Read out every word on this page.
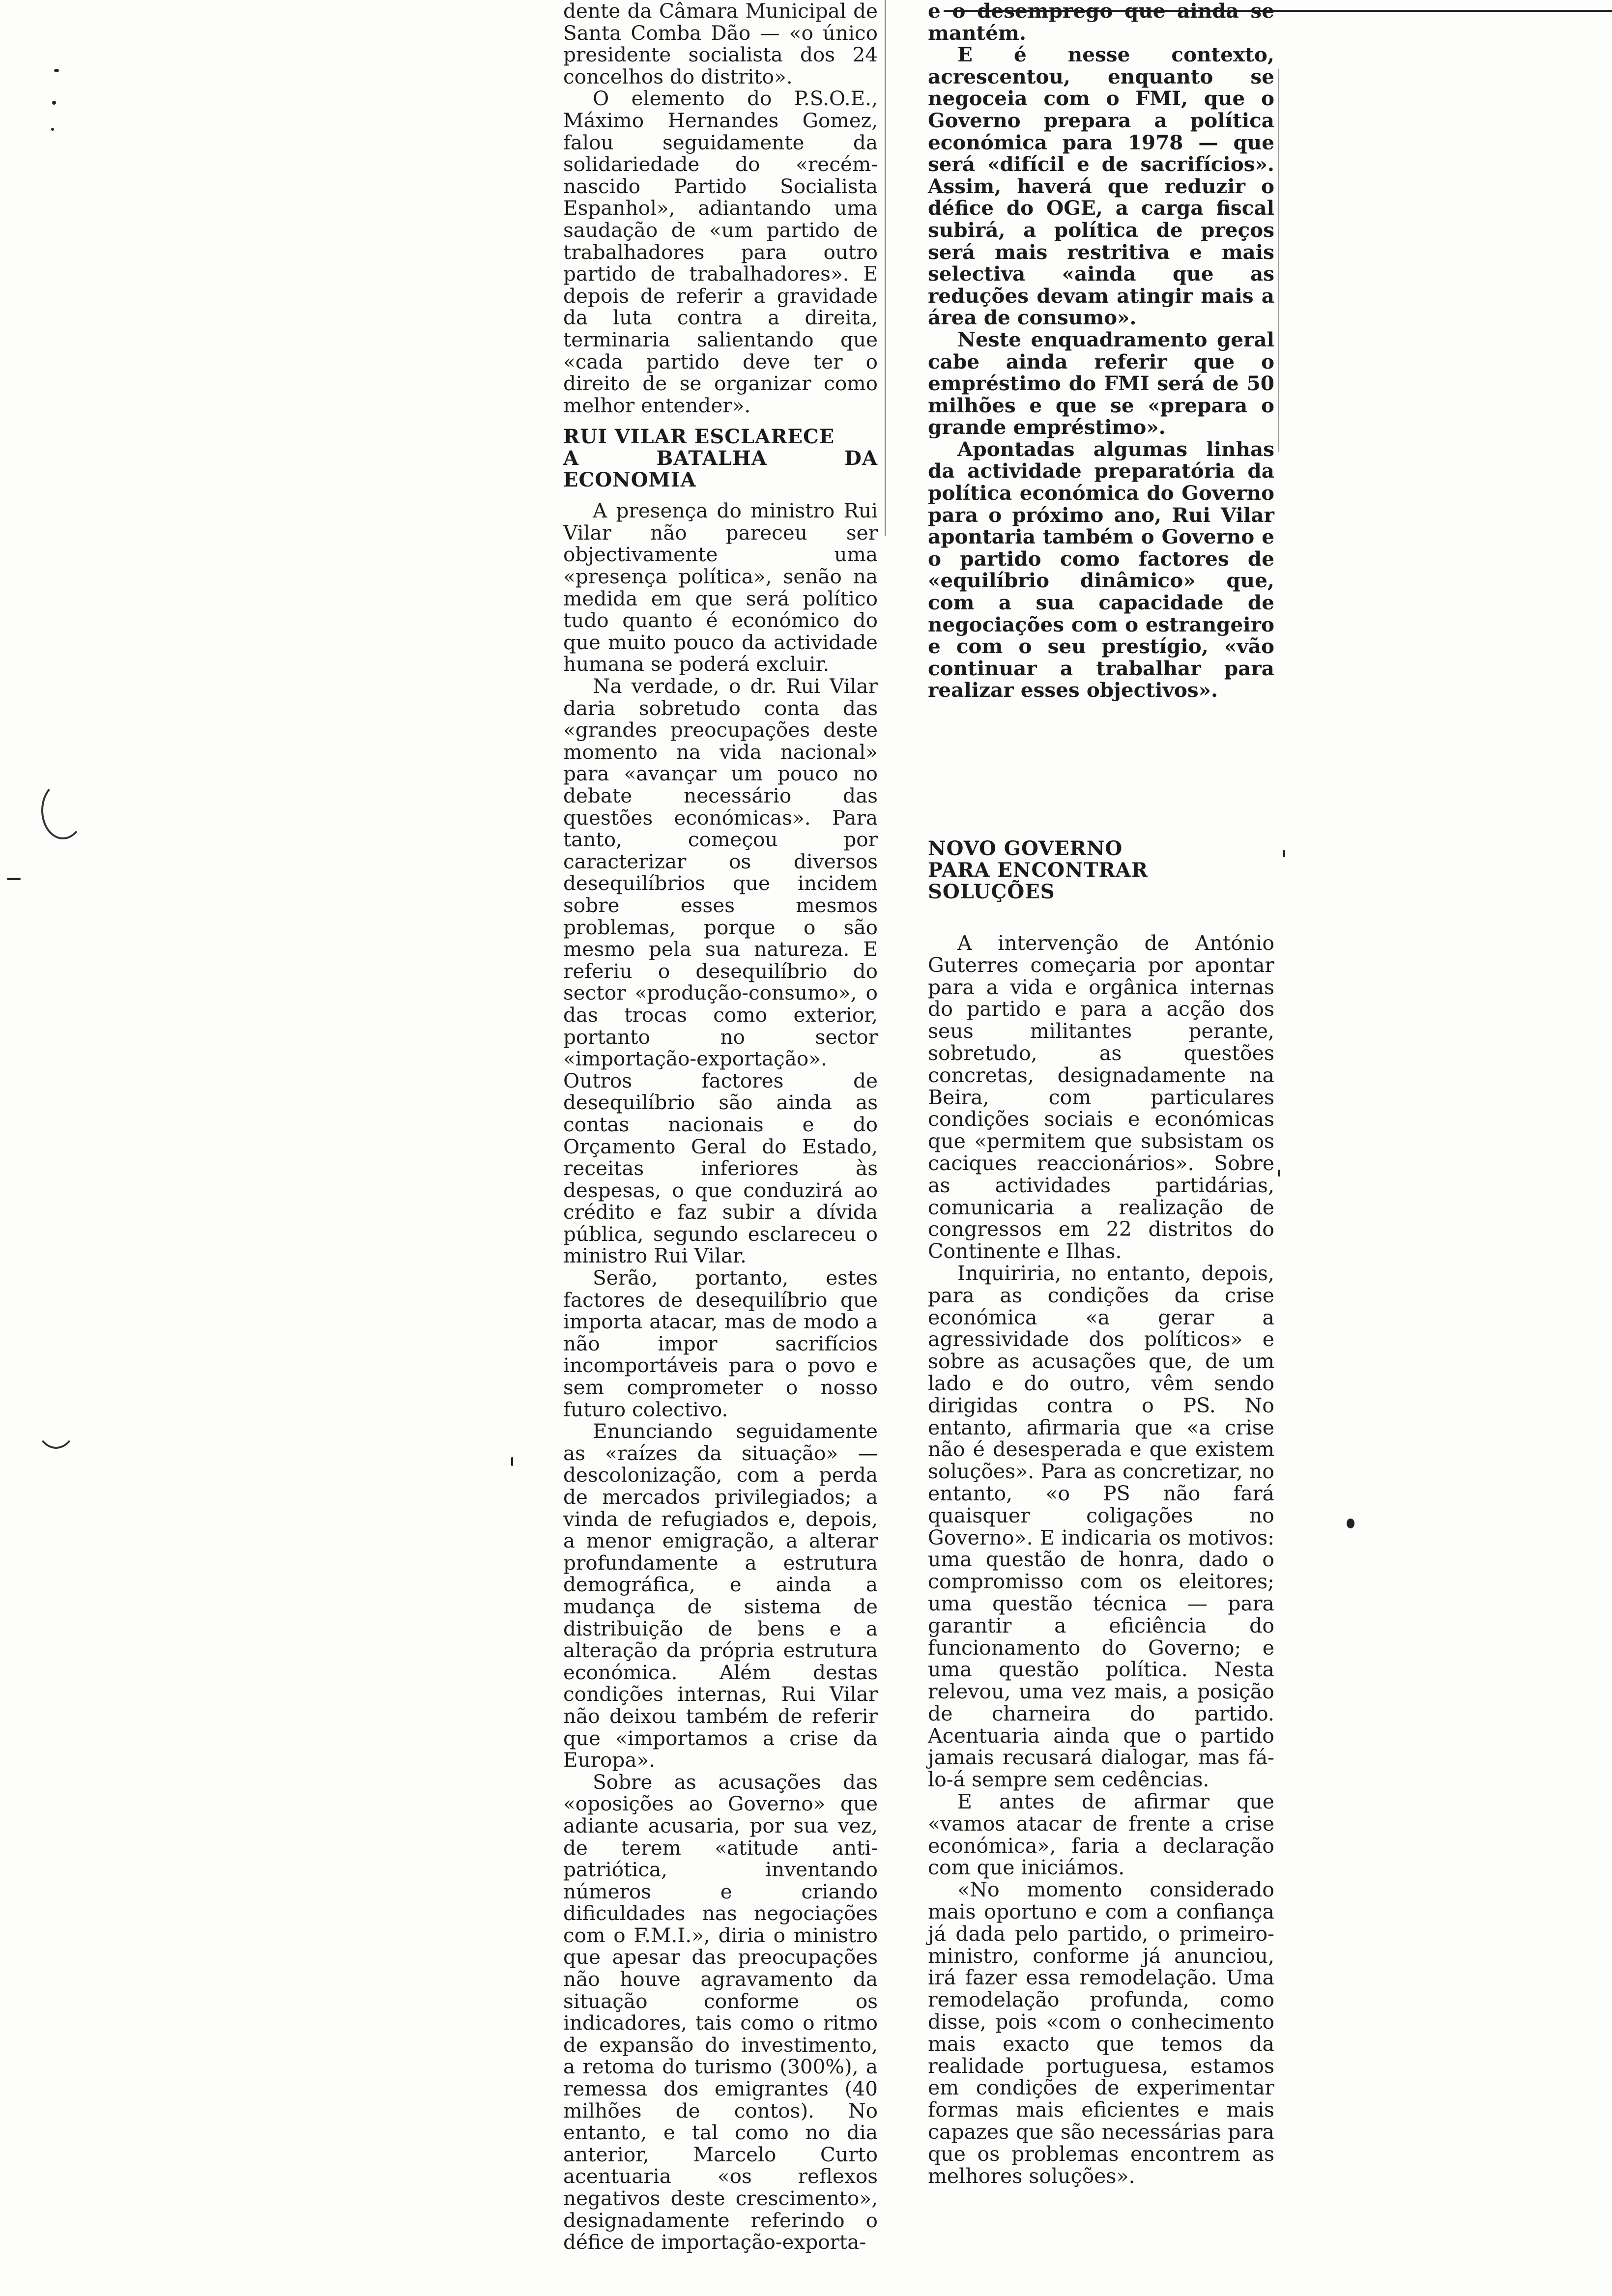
dente da Câmara Municipal de Santa Comba Dão — «o único presidente socialista dos 24 concelhos do distrito».

O elemento do P.S.O.E., Máximo Hernandes Gomez, falou seguidamente da solidariedade do «recém-nascido Partido Socialista Espanhol», adiantando uma saudação de «um partido de trabalhadores para outro partido de trabalhadores». E depois de referir a gravidade da luta contra a direita, terminaria salientando que «cada partido deve ter o direito de se organizar como melhor entender».

RUI VILAR ESCLARECE
A BATALHA DA ECONOMIA

A presença do ministro Rui Vilar não pareceu ser objectivamente uma «presença política», senão na medida em que será político tudo quanto é económico do que muito pouco da actividade humana se poderá excluir.

Na verdade, o dr. Rui Vilar daria sobretudo conta das «grandes preocupações deste momento na vida nacional» para «avançar um pouco no debate necessário das questões económicas». Para tanto, começou por caracterizar os diversos desequilíbrios que incidem sobre esses mesmos problemas, porque o são mesmo pela sua natureza. E referiu o desequilíbrio do sector «produção-consumo», o das trocas como exterior, portanto no sector «importação-exportação». Outros factores de desequilíbrio são ainda as contas nacionais e do Orçamento Geral do Estado, receitas inferiores às despesas, o que conduzirá ao crédito e faz subir a dívida pública, segundo esclareceu o ministro Rui Vilar.

Serão, portanto, estes factores de desequilíbrio que importa atacar, mas de modo a não impor sacrifícios incomportáveis para o povo e sem comprometer o nosso futuro colectivo.

Enunciando seguidamente as «raízes da situação» — descolonização, com a perda de mercados privilegiados; a vinda de refugiados e, depois, a menor emigração, a alterar profundamente a estrutura demográfica, e ainda a mudança de sistema de distribuição de bens e a alteração da própria estrutura económica. Além destas condições internas, Rui Vilar não deixou também de referir que «importamos a crise da Europa».

Sobre as acusações das «oposições ao Governo» que adiante acusaria, por sua vez, de terem «atitude anti-patriótica, inventando números e criando dificuldades nas negociações com o F.M.I.», diria o ministro que apesar das preocupações não houve agravamento da situação conforme os indicadores, tais como o ritmo de expansão do investimento, a retoma do turismo (300%), a remessa dos emigrantes (40 milhões de contos). No entanto, e tal como no dia anterior, Marcelo Curto acentuaria «os reflexos negativos deste crescimento», designadamente referindo o défice de importação-exporta-

e o desemprego que ainda se mantém.

E é nesse contexto, acrescentou, enquanto se negoceia com o FMI, que o Governo prepara a política económica para 1978 — que será «difícil e de sacrifícios». Assim, haverá que reduzir o défice do OGE, a carga fiscal subirá, a política de preços será mais restritiva e mais selectiva «ainda que as reduções devam atingir mais a área de consumo».

Neste enquadramento geral cabe ainda referir que o empréstimo do FMI será de 50 milhões e que se «prepara o grande empréstimo».

Apontadas algumas linhas da actividade preparatória da política económica do Governo para o próximo ano, Rui Vilar apontaria também o Governo e o partido como factores de «equilíbrio dinâmico» que, com a sua capacidade de negociações com o estrangeiro e com o seu prestígio, «vão continuar a trabalhar para realizar esses objectivos».

NOVO GOVERNO
PARA ENCONTRAR
SOLUÇÕES

A intervenção de António Guterres começaria por apontar para a vida e orgânica internas do partido e para a acção dos seus militantes perante, sobretudo, as questões concretas, designadamente na Beira, com particulares condições sociais e económicas que «permitem que subsistam os caciques reaccionários». Sobre as actividades partidárias, comunicaria a realização de congressos em 22 distritos do Continente e Ilhas.

Inquiriria, no entanto, depois, para as condições da crise económica «a gerar a agressividade dos políticos» e sobre as acusações que, de um lado e do outro, vêm sendo dirigidas contra o PS. No entanto, afirmaria que «a crise não é desesperada e que existem soluções». Para as concretizar, no entanto, «o PS não fará quaisquer coligações no Governo». E indicaria os motivos: uma questão de honra, dado o compromisso com os eleitores; uma questão técnica — para garantir a eficiência do funcionamento do Governo; e uma questão política. Nesta relevou, uma vez mais, a posição de charneira do partido. Acentuaria ainda que o partido jamais recusará dialogar, mas fá-lo-á sempre sem cedências.

E antes de afirmar que «vamos atacar de frente a crise económica», faria a declaração com que iniciámos.

«No momento considerado mais oportuno e com a confiança já dada pelo partido, o primeiro-ministro, conforme já anunciou, irá fazer essa remodelação. Uma remodelação profunda, como disse, pois «com o conhecimento mais exacto que temos da realidade portuguesa, estamos em condições de experimentar formas mais eficientes e mais capazes que são necessárias para que os problemas encontrem as melhores soluções».
